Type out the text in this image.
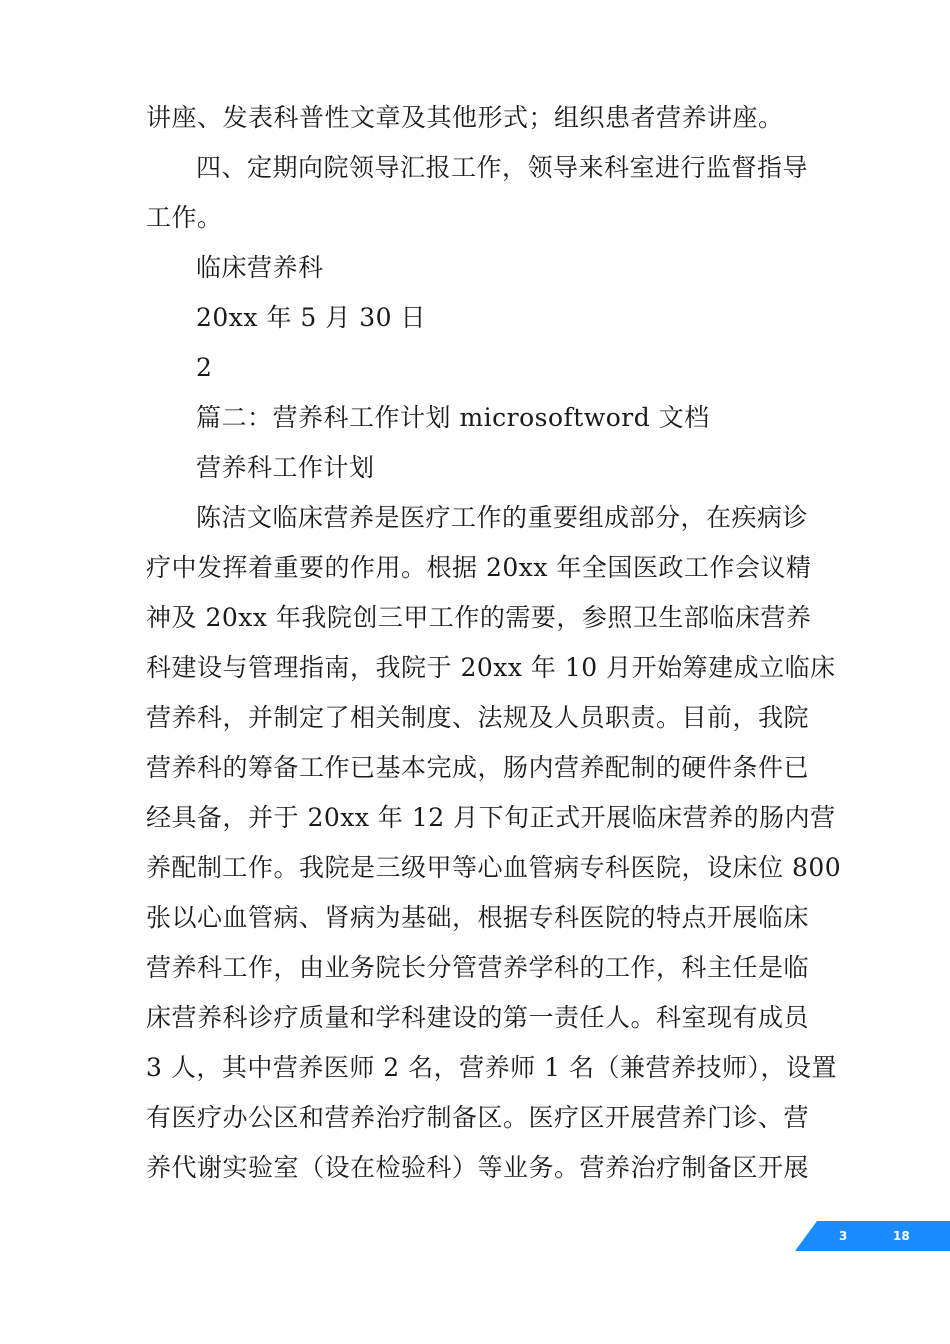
讲座、发表科普性文章及其他形式；组织患者营养讲座。
四、定期向院领导汇报工作，领导来科室进行监督指导
工作。
临床营养科
20xx 年 5 月 30 日
2
篇二：营养科工作计划 microsoftword 文档
营养科工作计划
陈洁文临床营养是医疗工作的重要组成部分，在疾病诊
疗中发挥着重要的作用。根据 20xx 年全国医政工作会议精
神及 20xx 年我院创三甲工作的需要，参照卫生部临床营养
科建设与管理指南，我院于 20xx 年 10 月开始筹建成立临床
营养科，并制定了相关制度、法规及人员职责。目前，我院
营养科的筹备工作已基本完成，肠内营养配制的硬件条件已
经具备，并于 20xx 年 12 月下旬正式开展临床营养的肠内营
养配制工作。我院是三级甲等心血管病专科医院，设床位 800
张以心血管病、肾病为基础，根据专科医院的特点开展临床
营养科工作，由业务院长分管营养学科的工作，科主任是临
床营养科诊疗质量和学科建设的第一责任人。科室现有成员
3 人，其中营养医师 2 名，营养师 1 名（兼营养技师），设置
有医疗办公区和营养治疗制备区。医疗区开展营养门诊、营
养代谢实验室（设在检验科）等业务。营养治疗制备区开展
3	18
